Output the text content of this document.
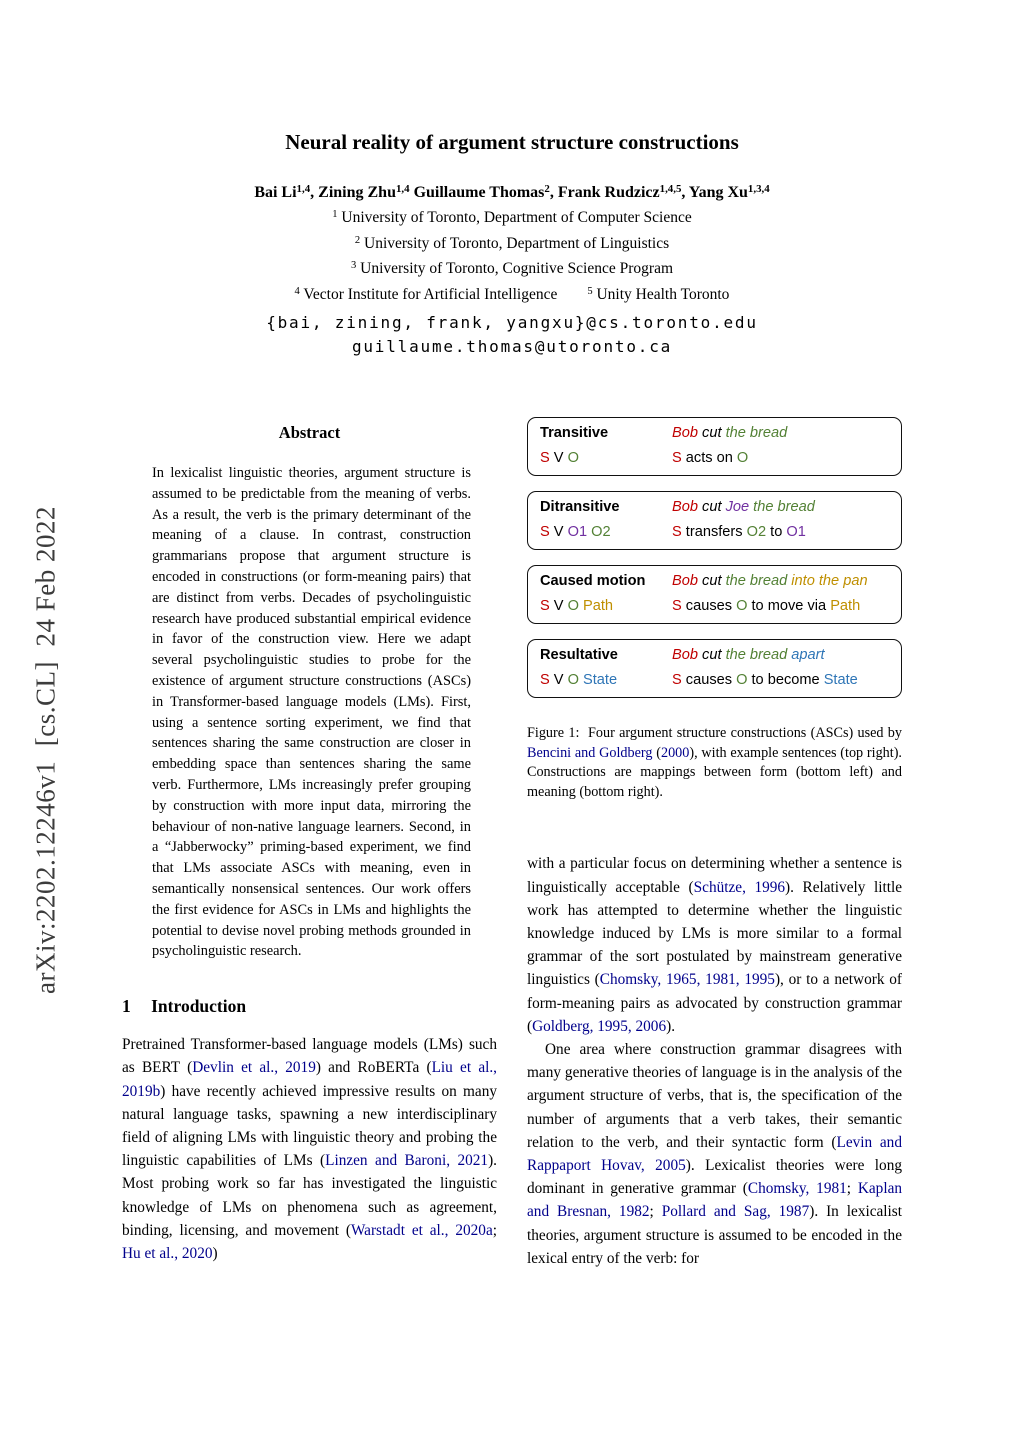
arXiv:2202.12246v1  [cs.CL]  24 Feb 2022
Neural reality of argument structure constructions
Bai Li$^{1,4}$, Zining Zhu$^{1,4}$ Guillaume Thomas$^2$, Frank Rudzicz$^{1,4,5}$, Yang Xu$^{1,3,4}$
$^1$ University of Toronto, Department of Computer Science
$^2$ University of Toronto, Department of Linguistics
$^3$ University of Toronto, Cognitive Science Program
$^4$ Vector Institute for Artificial Intelligence	$^5$ Unity Health Toronto
{bai, zining, frank, yangxu}@cs.toronto.edu
guillaume.thomas@utoronto.ca
Abstract

In lexicalist linguistic theories, argument structure is assumed to be predictable from the meaning of verbs. As a result, the verb is the primary determinant of the meaning of a clause. In contrast, construction grammarians propose that argument structure is encoded in constructions (or form-meaning pairs) that are distinct from verbs. Decades of psycholinguistic research have produced substantial empirical evidence in favor of the construction view. Here we adapt several psycholinguistic studies to probe for the existence of argument structure constructions (ASCs) in Transformer-based language models (LMs). First, using a sentence sorting experiment, we find that sentences sharing the same construction are closer in embedding space than sentences sharing the same verb. Furthermore, LMs increasingly prefer grouping by construction with more input data, mirroring the behaviour of non-native language learners. Second, in a “Jabberwocky” priming-based experiment, we find that LMs associate ASCs with meaning, even in semantically nonsensical sentences. Our work offers the first evidence for ASCs in LMs and highlights the potential to devise novel probing methods grounded in psycholinguistic research.

1 Introduction

Pretrained Transformer-based language models (LMs) such as BERT (Devlin et al., 2019) and RoBERTa (Liu et al., 2019b) have recently achieved impressive results on many natural language tasks, spawning a new interdisciplinary field of aligning LMs with linguistic theory and probing the linguistic capabilities of LMs (Linzen and Baroni, 2021). Most probing work so far has investigated the linguistic knowledge of LMs on phenomena such as agreement, binding, licensing, and movement (Warstadt et al., 2020a; Hu et al., 2020)

Transitive	Bob cut the bread
S V O	S acts on O
Ditransitive	Bob cut Joe the bread
S V O1 O2	S transfers O2 to O1
Caused motion	Bob cut the bread into the pan
S V O Path	S causes O to move via Path
Resultative	Bob cut the bread apart
S V O State	S causes O to become State
Figure 1:  Four argument structure constructions (ASCs) used by Bencini and Goldberg (2000), with example sentences (top right). Constructions are mappings between form (bottom left) and meaning (bottom right).

with a particular focus on determining whether a sentence is linguistically acceptable (Schütze, 1996). Relatively little work has attempted to determine whether the linguistic knowledge induced by LMs is more similar to a formal grammar of the sort postulated by mainstream generative linguistics (Chomsky, 1965, 1981, 1995), or to a network of form-meaning pairs as advocated by construction grammar (Goldberg, 1995, 2006).

One area where construction grammar disagrees with many generative theories of language is in the analysis of the argument structure of verbs, that is, the specification of the number of arguments that a verb takes, their semantic relation to the verb, and their syntactic form (Levin and Rappaport Hovav, 2005). Lexicalist theories were long dominant in generative grammar (Chomsky, 1981; Kaplan and Bresnan, 1982; Pollard and Sag, 1987). In lexicalist theories, argument structure is assumed to be encoded in the lexical entry of the verb: for
